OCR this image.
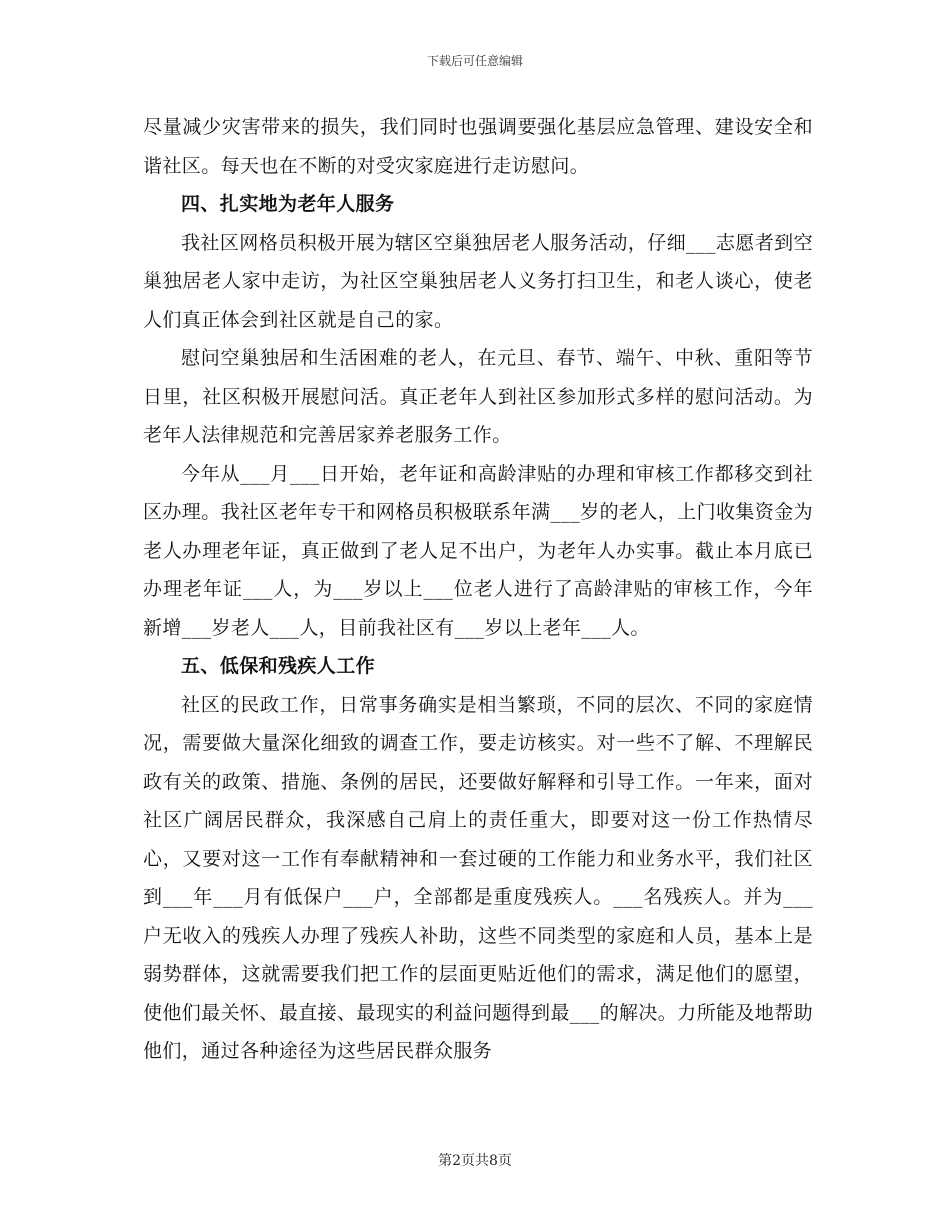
下载后可任意编辑

尽量减少灾害带来的损失，我们同时也强调要强化基层应急管理、建设安全和谐社区。每天也在不断的对受灾家庭进行走访慰问。

四、扎实地为老年人服务

我社区网格员积极开展为辖区空巢独居老人服务活动，仔细___志愿者到空巢独居老人家中走访，为社区空巢独居老人义务打扫卫生，和老人谈心，使老人们真正体会到社区就是自己的家。

慰问空巢独居和生活困难的老人，在元旦、春节、端午、中秋、重阳等节日里，社区积极开展慰问活。真正老年人到社区参加形式多样的慰问活动。为老年人法律规范和完善居家养老服务工作。

今年从___月___日开始，老年证和高龄津贴的办理和审核工作都移交到社区办理。我社区老年专干和网格员积极联系年满___岁的老人，上门收集资金为老人办理老年证，真正做到了老人足不出户，为老年人办实事。截止本月底已办理老年证___人，为___岁以上___位老人进行了高龄津贴的审核工作，今年新增___岁老人___人，目前我社区有___岁以上老年___人。

五、低保和残疾人工作

社区的民政工作，日常事务确实是相当繁琐，不同的层次、不同的家庭情况，需要做大量深化细致的调查工作，要走访核实。对一些不了解、不理解民政有关的政策、措施、条例的居民，还要做好解释和引导工作。一年来，面对社区广阔居民群众，我深感自己肩上的责任重大，即要对这一份工作热情尽心，又要对这一工作有奉献精神和一套过硬的工作能力和业务水平，我们社区到___年___月有低保户___户，全部都是重度残疾人。___名残疾人。并为___户无收入的残疾人办理了残疾人补助，这些不同类型的家庭和人员，基本上是弱势群体，这就需要我们把工作的层面更贴近他们的需求，满足他们的愿望，使他们最关怀、最直接、最现实的利益问题得到最___的解决。力所能及地帮助他们，通过各种途径为这些居民群众服务

第2页共8页
